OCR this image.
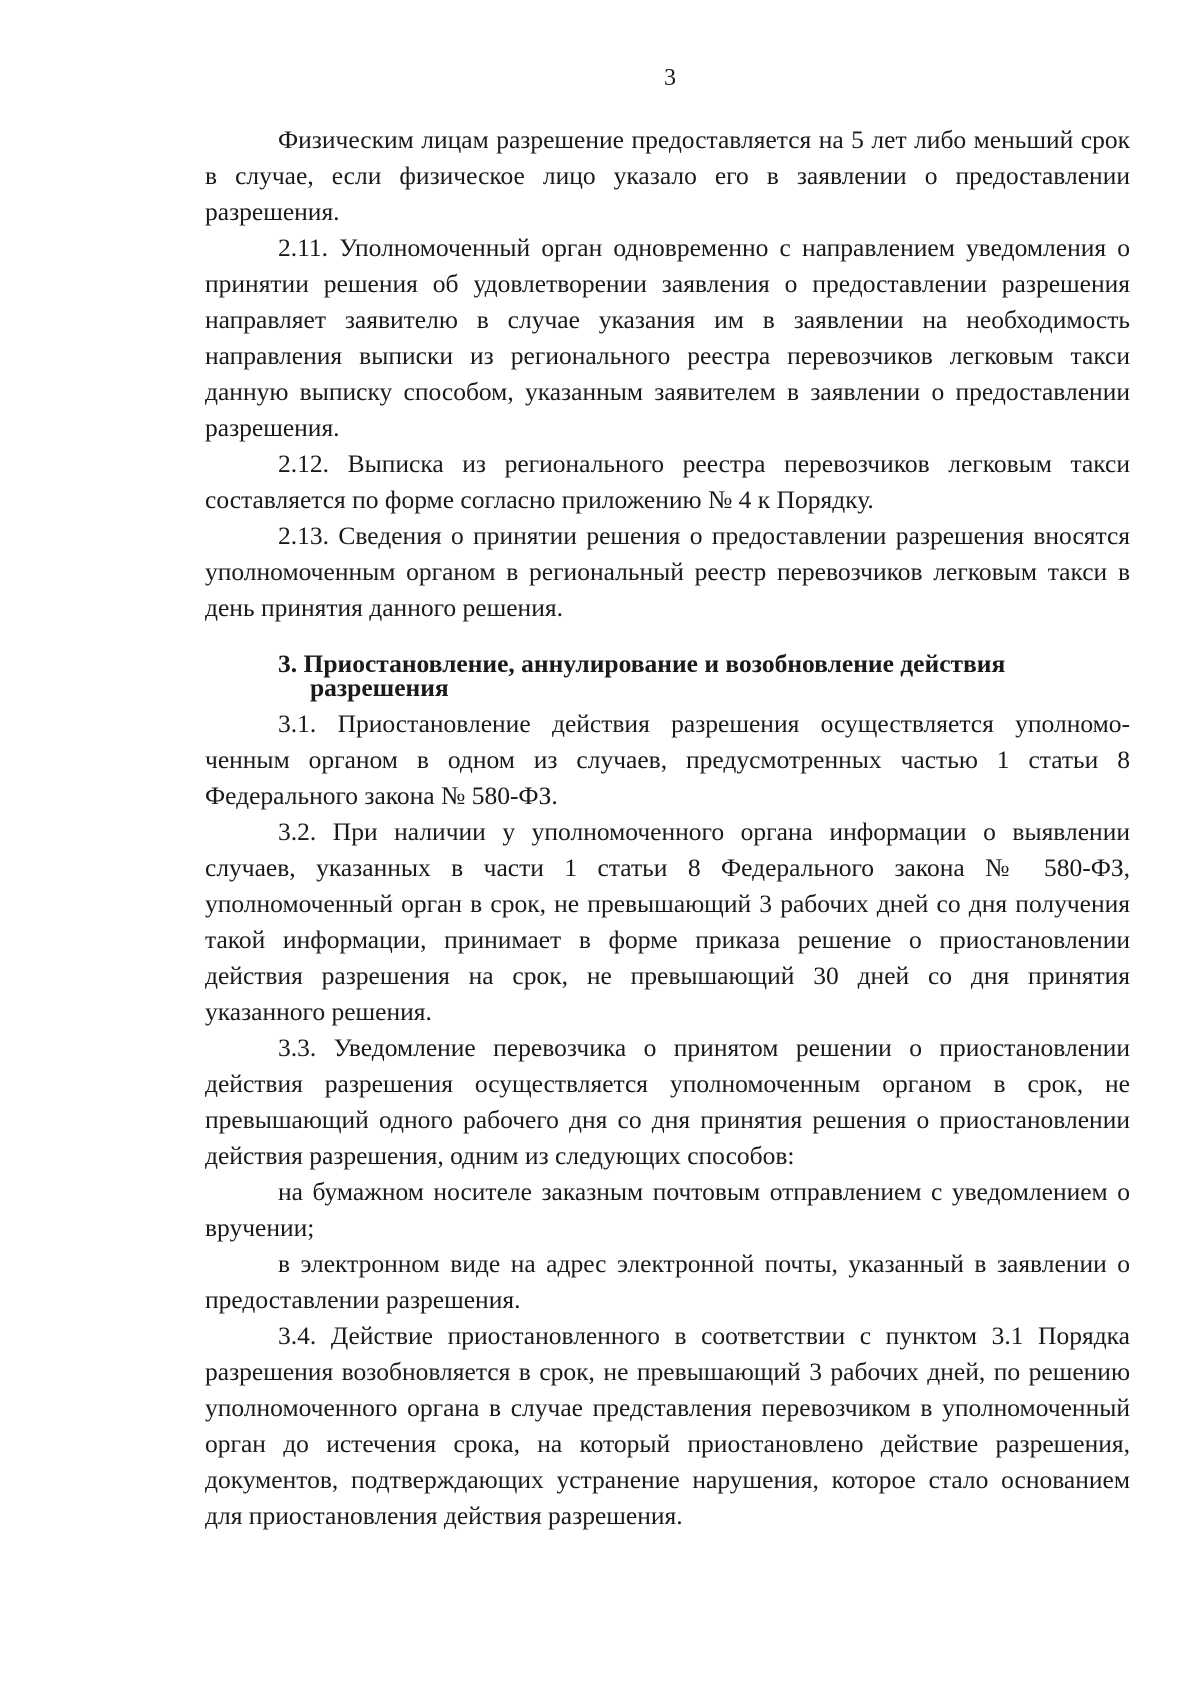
3

Физическим лицам разрешение предоставляется на 5 лет либо меньший срок в случае, если физическое лицо указало его в заявлении о предоставлении разрешения.

2.11. Уполномоченный орган одновременно с направлением уведомления о принятии решения об удовлетворении заявления о предоставлении разрешения направляет заявителю в случае указания им в заявлении на необходимость направления выписки из регионального реестра перевозчиков легковым такси данную выписку способом, указанным заявителем в заявлении о предоставлении разрешения.

2.12. Выписка из регионального реестра перевозчиков легковым такси составляется по форме согласно приложению № 4 к Порядку.

2.13. Сведения о принятии решения о предоставлении разрешения вносятся уполномоченным органом в региональный реестр перевозчиков легковым такси в день принятия данного решения.

3. Приостановление, аннулирование и возобновление действия
разрешения

3.1. Приостановление действия разрешения осуществляется уполномоченным органом в одном из случаев, предусмотренных частью 1 статьи 8 Федерального закона № 580-ФЗ.

3.2. При наличии у уполномоченного органа информации о выявлении случаев, указанных в части 1 статьи 8 Федерального закона № 580-ФЗ, уполномоченный орган в срок, не превышающий 3 рабочих дней со дня получения такой информации, принимает в форме приказа решение о приостановлении действия разрешения на срок, не превышающий 30 дней со дня принятия указанного решения.

3.3. Уведомление перевозчика о принятом решении о приостановлении действия разрешения осуществляется уполномоченным органом в срок, не превышающий одного рабочего дня со дня принятия решения о приостановлении действия разрешения, одним из следующих способов:

на бумажном носителе заказным почтовым отправлением с уведомлением о вручении;

в электронном виде на адрес электронной почты, указанный в заявлении о предоставлении разрешения.

3.4. Действие приостановленного в соответствии с пунктом 3.1 Порядка разрешения возобновляется в срок, не превышающий 3 рабочих дней, по решению уполномоченного органа в случае представления перевозчиком в уполномоченный орган до истечения срока, на который приостановлено действие разрешения, документов, подтверждающих устранение нарушения, которое стало основанием для приостановления действия разрешения.
